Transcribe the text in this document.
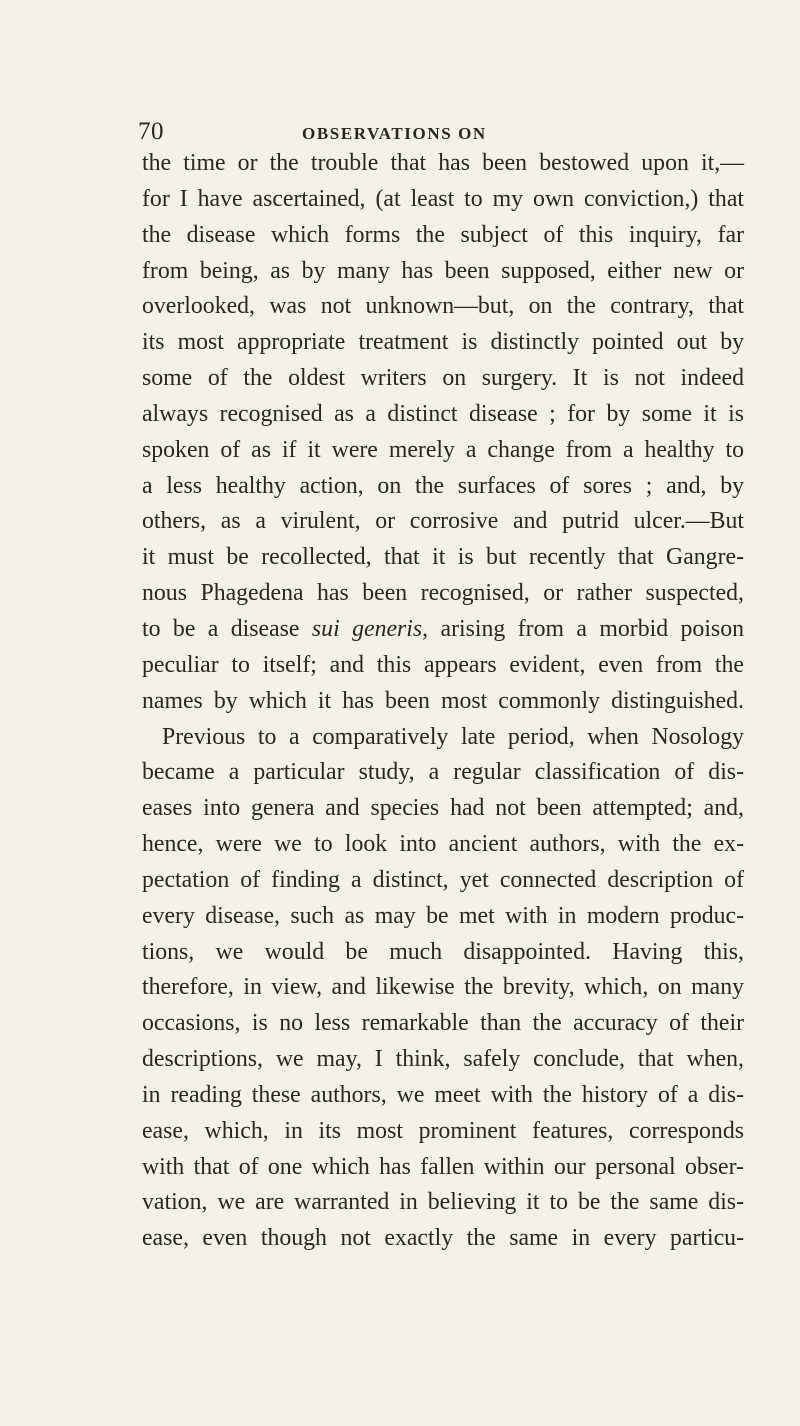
70	OBSERVATIONS ON
the time or the trouble that has been bestowed upon it,—
for I have ascertained, (at least to my own conviction,) that
the disease which forms the subject of this inquiry, far
from being, as by many has been supposed, either new or
overlooked, was not unknown—but, on the contrary, that
its most appropriate treatment is distinctly pointed out by
some of the oldest writers on surgery. It is not indeed
always recognised as a distinct disease ; for by some it is
spoken of as if it were merely a change from a healthy to
a less healthy action, on the surfaces of sores ; and, by
others, as a virulent, or corrosive and putrid ulcer.—But
it must be recollected, that it is but recently that Gangre-
nous Phagedena has been recognised, or rather suspected,
to be a disease sui generis, arising from a morbid poison
peculiar to itself; and this appears evident, even from the
names by which it has been most commonly distinguished.
Previous to a comparatively late period, when Nosology
became a particular study, a regular classification of dis-
eases into genera and species had not been attempted; and,
hence, were we to look into ancient authors, with the ex-
pectation of finding a distinct, yet connected description of
every disease, such as may be met with in modern produc-
tions, we would be much disappointed. Having this,
therefore, in view, and likewise the brevity, which, on many
occasions, is no less remarkable than the accuracy of their
descriptions, we may, I think, safely conclude, that when,
in reading these authors, we meet with the history of a dis-
ease, which, in its most prominent features, corresponds
with that of one which has fallen within our personal obser-
vation, we are warranted in believing it to be the same dis-
ease, even though not exactly the same in every particu-
